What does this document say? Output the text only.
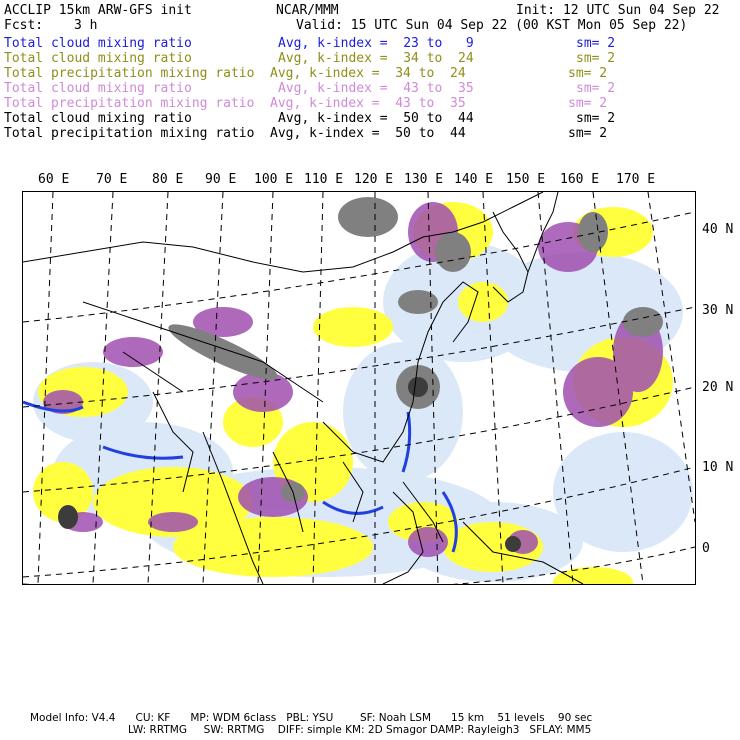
ACCLIP 15km ARW-GFS init	NCAR/MMM	Init: 12 UTC Sun 04 Sep 22
Fcst: 3 h	Valid: 15 UTC Sun 04 Sep 22 (00 KST Mon 05 Sep 22)
Total cloud mixing ratio	Avg, k-index =  23 to   9	sm= 2
Total cloud mixing ratio	Avg, k-index =  34 to  24	sm= 2
Total precipitation mixing ratio Avg, k-index =  34 to  24	sm= 2
Total cloud mixing ratio	Avg, k-index =  43 to  35	sm= 2
Total precipitation mixing ratio Avg, k-index =  43 to  35	sm= 2
Total cloud mixing ratio	Avg, k-index =  50 to  44	sm= 2
Total precipitation mixing ratio Avg, k-index =  50 to  44	sm= 2
60 E 70 E 80 E 90 E 100 E 110 E 120 E 130 E 140 E 150 E 160 E 170 E
40 N
30 N
20 N
10 N
0
Model Info: V4.4      CU: KF      MP: WDM 6class   PBL: YSU        SF: Noah LSM      15 km    51 levels    90 sec
LW: RRTMG     SW: RRTMG    DIFF: simple KM: 2D Smagor DAMP: Rayleigh3   SFLAY: MM5
